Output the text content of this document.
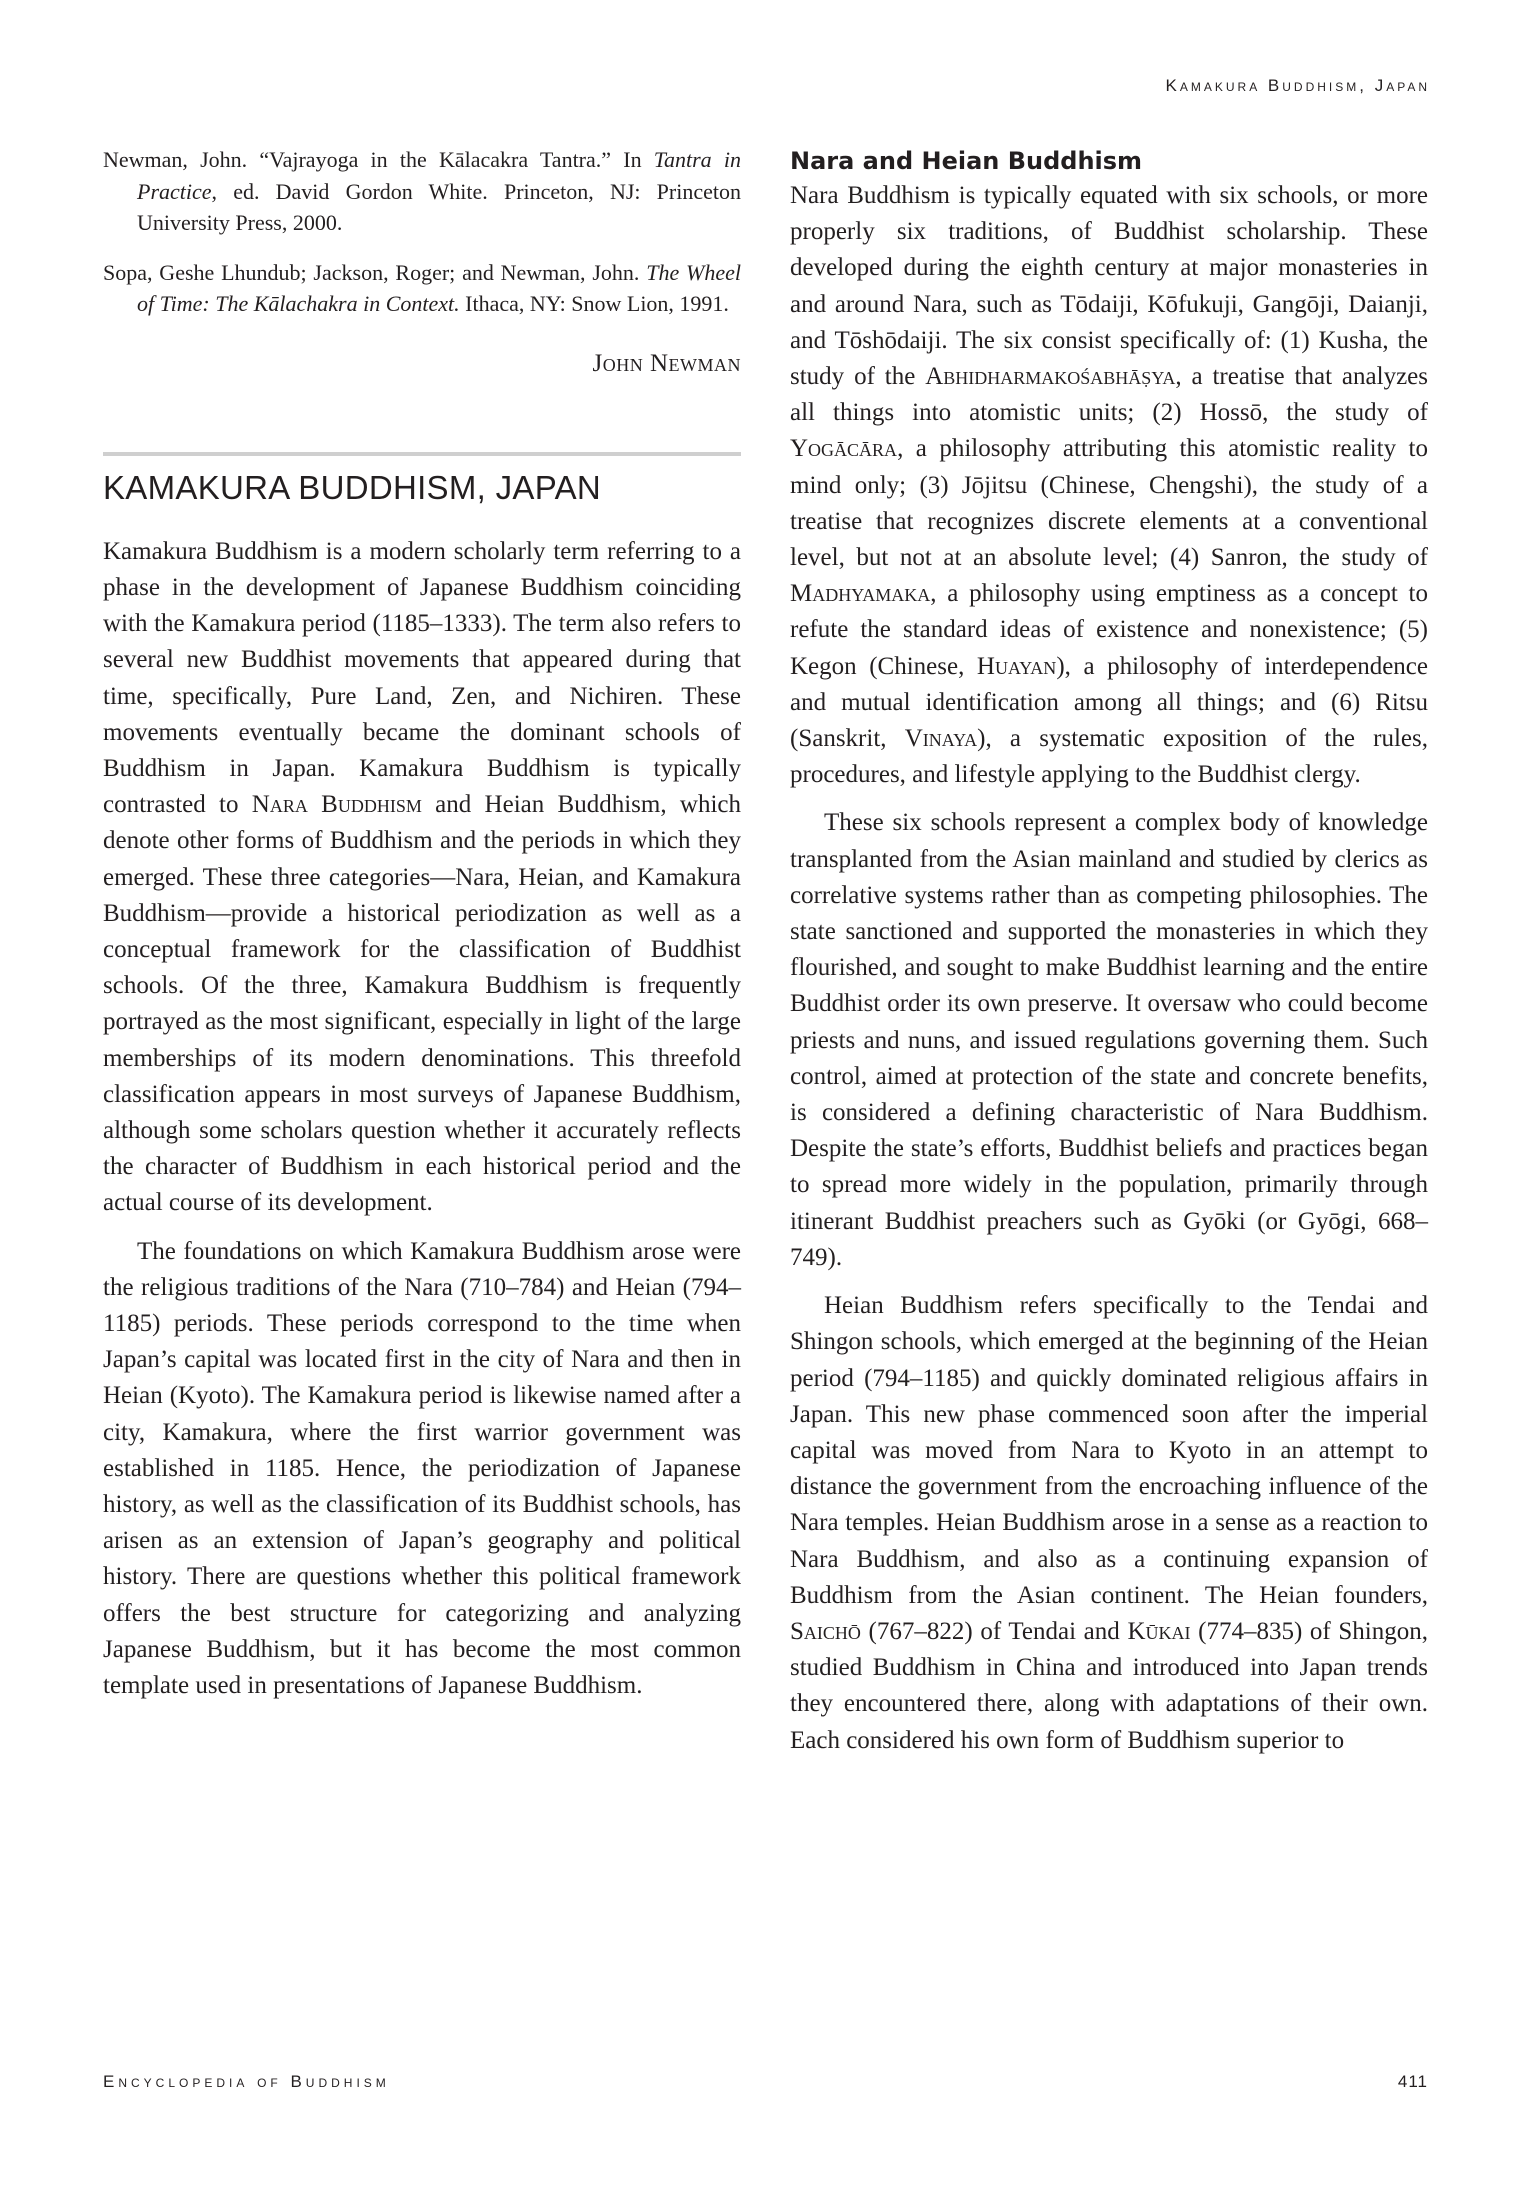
Kamakura Buddhism, Japan

Newman, John. “Vajrayoga in the Kālacakra Tantra.” In Tantra in Practice, ed. David Gordon White. Princeton, NJ: Princeton University Press, 2000.

Sopa, Geshe Lhundub; Jackson, Roger; and Newman, John. The Wheel of Time: The Kālachakra in Context. Ithaca, NY: Snow Lion, 1991.

John Newman
KAMAKURA BUDDHISM, JAPAN

Kamakura Buddhism is a modern scholarly term referring to a phase in the development of Japanese Buddhism coinciding with the Kamakura period (1185–1333). The term also refers to several new Buddhist movements that appeared during that time, specifically, Pure Land, Zen, and Nichiren. These movements eventually became the dominant schools of Buddhism in Japan. Kamakura Buddhism is typically contrasted to Nara Buddhism and Heian Buddhism, which denote other forms of Buddhism and the periods in which they emerged. These three categories—Nara, Heian, and Kamakura Buddhism—provide a historical periodization as well as a conceptual framework for the classification of Buddhist schools. Of the three, Kamakura Buddhism is frequently portrayed as the most significant, especially in light of the large memberships of its modern denominations. This threefold classification appears in most surveys of Japanese Buddhism, although some scholars question whether it accurately reflects the character of Buddhism in each historical period and the actual course of its development.

The foundations on which Kamakura Buddhism arose were the religious traditions of the Nara (710–784) and Heian (794–1185) periods. These periods correspond to the time when Japan’s capital was located first in the city of Nara and then in Heian (Kyoto). The Kamakura period is likewise named after a city, Kamakura, where the first warrior government was established in 1185. Hence, the periodization of Japanese history, as well as the classification of its Buddhist schools, has arisen as an extension of Japan’s geography and political history. There are questions whether this political framework offers the best structure for categorizing and analyzing Japanese Buddhism, but it has become the most common template used in presentations of Japanese Buddhism.

Nara and Heian Buddhism

Nara Buddhism is typically equated with six schools, or more properly six traditions, of Buddhist scholarship. These developed during the eighth century at major monasteries in and around Nara, such as Tōdaiji, Kōfukuji, Gangōji, Daianji, and Tōshōdaiji. The six consist specifically of: (1) Kusha, the study of the Abhidharmakośabhāṣya, a treatise that analyzes all things into atomistic units; (2) Hossō, the study of Yogācāra, a philosophy attributing this atomistic reality to mind only; (3) Jōjitsu (Chinese, Chengshi), the study of a treatise that recognizes discrete elements at a conventional level, but not at an absolute level; (4) Sanron, the study of Madhyamaka, a philosophy using emptiness as a concept to refute the standard ideas of existence and nonexistence; (5) Kegon (Chinese, Huayan), a philosophy of interdependence and mutual identification among all things; and (6) Ritsu (Sanskrit, Vinaya), a systematic exposition of the rules, procedures, and lifestyle applying to the Buddhist clergy.

These six schools represent a complex body of knowledge transplanted from the Asian mainland and studied by clerics as correlative systems rather than as competing philosophies. The state sanctioned and supported the monasteries in which they flourished, and sought to make Buddhist learning and the entire Buddhist order its own preserve. It oversaw who could become priests and nuns, and issued regulations governing them. Such control, aimed at protection of the state and concrete benefits, is considered a defining characteristic of Nara Buddhism. Despite the state’s efforts, Buddhist beliefs and practices began to spread more widely in the population, primarily through itinerant Buddhist preachers such as Gyōki (or Gyōgi, 668–749).

Heian Buddhism refers specifically to the Tendai and Shingon schools, which emerged at the beginning of the Heian period (794–1185) and quickly dominated religious affairs in Japan. This new phase commenced soon after the imperial capital was moved from Nara to Kyoto in an attempt to distance the government from the encroaching influence of the Nara temples. Heian Buddhism arose in a sense as a reaction to Nara Buddhism, and also as a continuing expansion of Buddhism from the Asian continent. The Heian founders, Saichō (767–822) of Tendai and Kūkai (774–835) of Shingon, studied Buddhism in China and introduced into Japan trends they encountered there, along with adaptations of their own. Each considered his own form of Buddhism superior to

Encyclopedia of Buddhism	411
